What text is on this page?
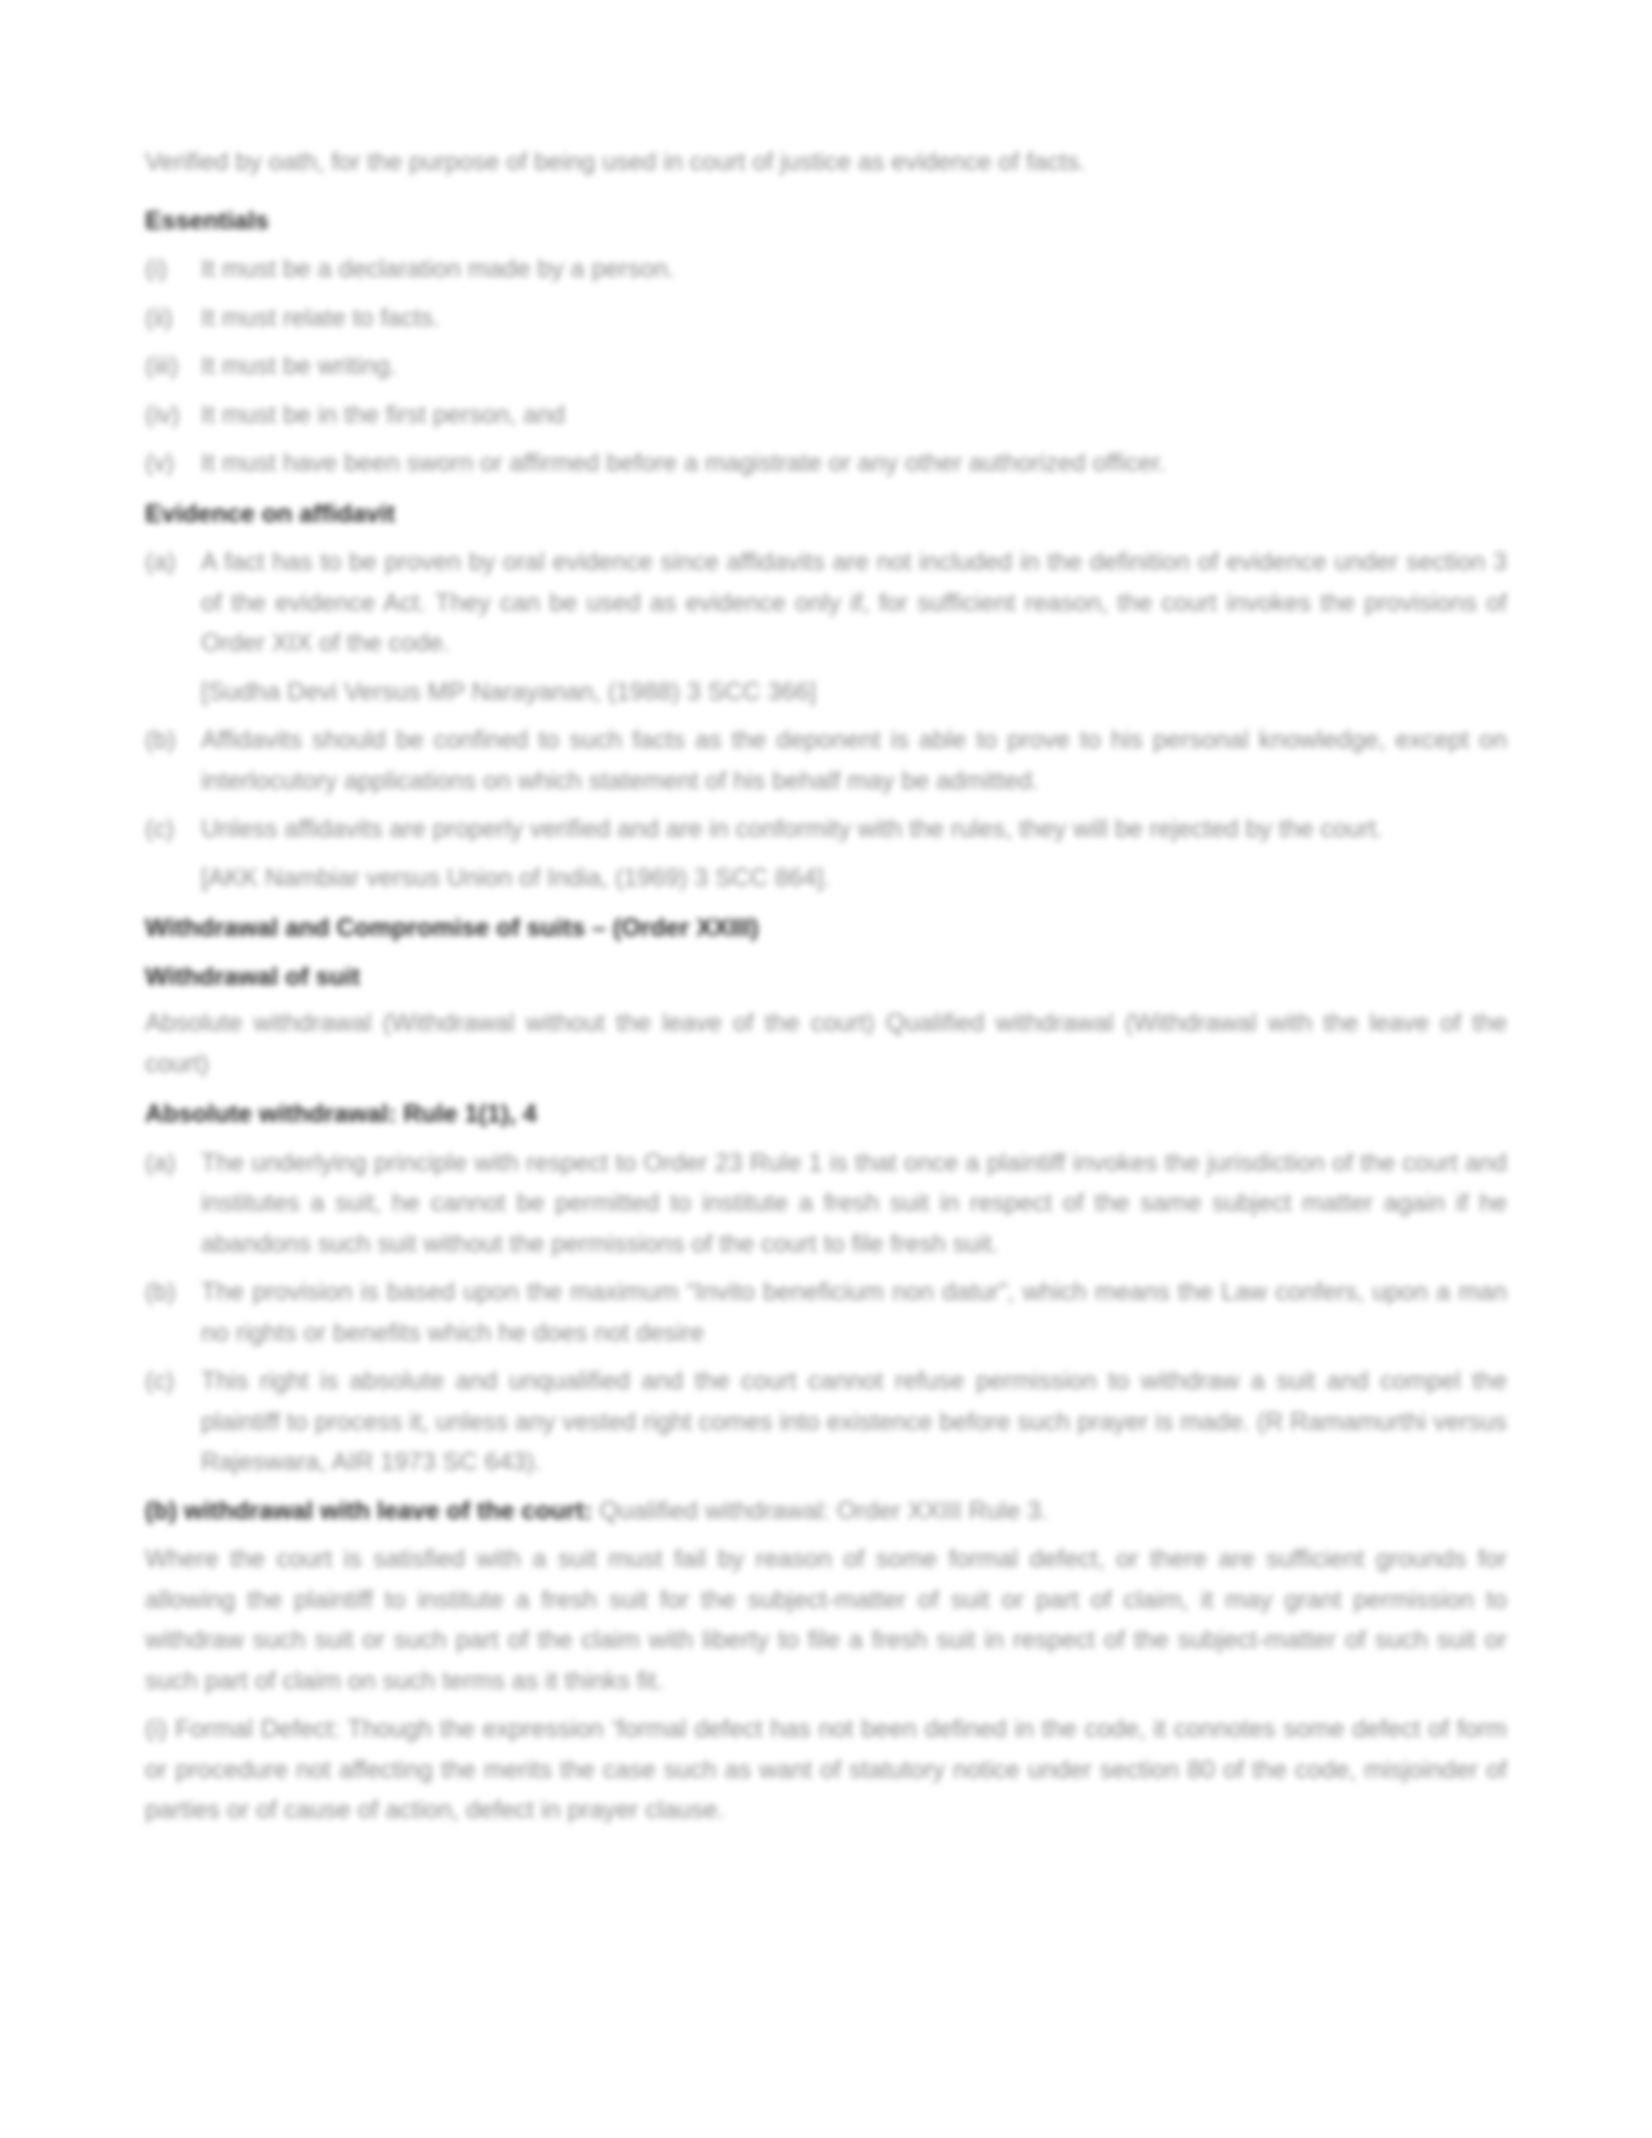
Verified by oath, for the purpose of being used in court of justice as evidence of facts.

Essentials
(i) It must be a declaration made by a person.
(ii) It must relate to facts.
(iii) It must be writing.
(iv) It must be in the first person, and
(v) It must have been sworn or affirmed before a magistrate or any other authorized officer.
Evidence on affidavit
(a) A fact has to be proven by oral evidence since affidavits are not included in the definition of evidence under section 3 of the evidence Act. They can be used as evidence only if, for sufficient reason, the court invokes the provisions of Order XIX of the code.
[Sudha Devi Versus MP Narayanan, (1988) 3 SCC 366]
(b) Affidavits should be confined to such facts as the deponent is able to prove to his personal knowledge, except on interlocutory applications on which statement of his behalf may be admitted.
(c) Unless affidavits are properly verified and are in conformity with the rules, they will be rejected by the court.
[AKK Nambiar versus Union of India, (1969) 3 SCC 864].
Withdrawal and Compromise of suits – (Order XXIII)
Withdrawal of suit

Absolute withdrawal (Withdrawal without the leave of the court) Qualified withdrawal (Withdrawal with the leave of the court)

Absolute withdrawal: Rule 1(1), 4
(a) The underlying principle with respect to Order 23 Rule 1 is that once a plaintiff invokes the jurisdiction of the court and institutes a suit, he cannot be permitted to institute a fresh suit in respect of the same subject matter again if he abandons such suit without the permissions of the court to file fresh suit.
(b) The provision is based upon the maximum “Invito beneficium non datur”, which means the Law confers, upon a man no rights or benefits which he does not desire
(c) This right is absolute and unqualified and the court cannot refuse permission to withdraw a suit and compel the plaintiff to process it, unless any vested right comes into existence before such prayer is made. (R Ramamurthi versus Rajeswara, AIR 1973 SC 643).

(b) withdrawal with leave of the court: Qualified withdrawal: Order XXIII Rule 3.

Where the court is satisfied with a suit must fail by reason of some formal defect, or there are sufficient grounds for allowing the plaintiff to institute a fresh suit for the subject-matter of suit or part of claim, it may grant permission to withdraw such suit or such part of the claim with liberty to file a fresh suit in respect of the subject-matter of such suit or such part of claim on such terms as it thinks fit.

(i) Formal Defect: Though the expression ‘formal defect has not been defined in the code, it connotes some defect of form or procedure not affecting the merits the case such as want of statutory notice under section 80 of the code, misjoinder of parties or of cause of action, defect in prayer clause.
